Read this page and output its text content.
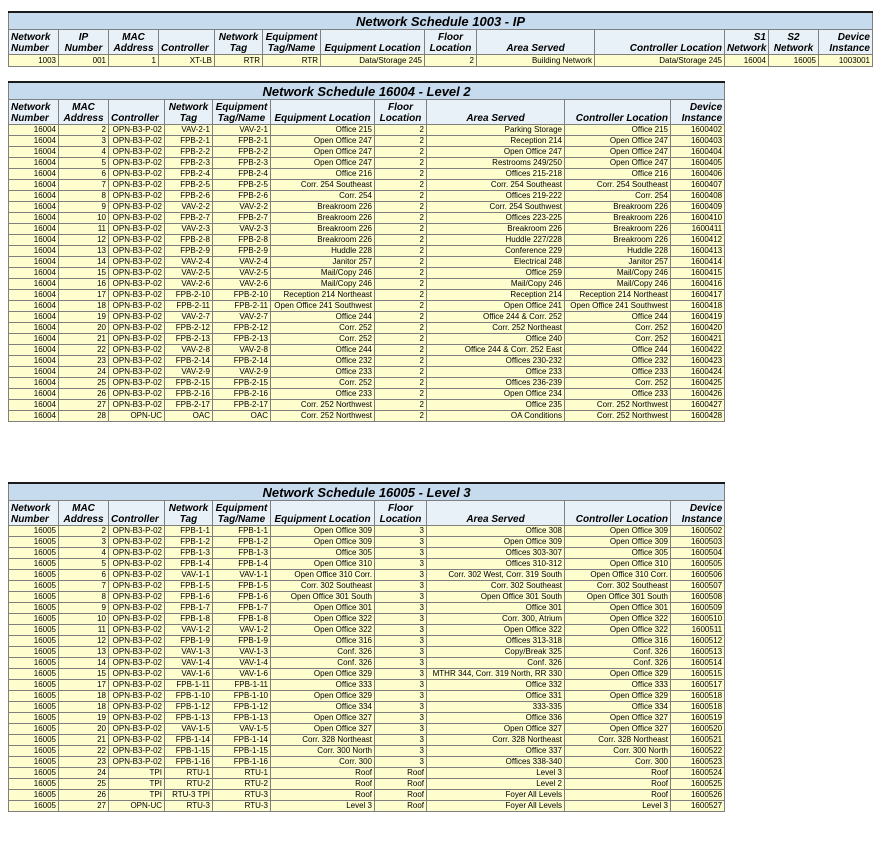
Network Schedule 1003 - IP												
Network Number	IP Number	MAC Address	Controller	Network Tag	Equipment Tag/Name	Equipment Location	Floor Location	Area Served	Controller Location	S1 Network	S2 Network	Device Instance
1003	001	1	XT-LB	RTR	RTR	Data/Storage 245	2	Building Network	Data/Storage 245	16004	16005	1003001
Network Schedule 16004 - Level 2									
Network Number	MAC Address	Controller	Network Tag	Equipment Tag/Name	Equipment Location	Floor Location	Area Served	Controller Location	Device Instance
16004	2	OPN-B3-P-02	VAV-2-1	VAV-2-1	Office 215	2	Parking Storage	Office 215	1600402
16004	3	OPN-B3-P-02	FPB-2-1	FPB-2-1	Open Office 247	2	Reception 214	Open Office 247	1600403
16004	4	OPN-B3-P-02	FPB-2-2	FPB-2-2	Open Office 247	2	Open Office 247	Open Office 247	1600404
16004	5	OPN-B3-P-02	FPB-2-3	FPB-2-3	Open Office 247	2	Restrooms 249/250	Open Office 247	1600405
16004	6	OPN-B3-P-02	FPB-2-4	FPB-2-4	Office 216	2	Offices 215-218	Office 216	1600406
16004	7	OPN-B3-P-02	FPB-2-5	FPB-2-5	Corr. 254 Southeast	2	Corr. 254 Southeast	Corr. 254 Southeast	1600407
16004	8	OPN-B3-P-02	FPB-2-6	FPB-2-6	Corr. 254	2	Offices 219-222	Corr. 254	1600408
16004	9	OPN-B3-P-02	VAV-2-2	VAV-2-2	Breakroom 226	2	Corr. 254 Southwest	Breakroom 226	1600409
16004	10	OPN-B3-P-02	FPB-2-7	FPB-2-7	Breakroom 226	2	Offices 223-225	Breakroom 226	1600410
16004	11	OPN-B3-P-02	VAV-2-3	VAV-2-3	Breakroom 226	2	Breakroom 226	Breakroom 226	1600411
16004	12	OPN-B3-P-02	FPB-2-8	FPB-2-8	Breakroom 226	2	Huddle 227/228	Breakroom 226	1600412
16004	13	OPN-B3-P-02	FPB-2-9	FPB-2-9	Huddle 228	2	Conference 229	Huddle 228	1600413
16004	14	OPN-B3-P-02	VAV-2-4	VAV-2-4	Janitor 257	2	Electrical 248	Janitor 257	1600414
16004	15	OPN-B3-P-02	VAV-2-5	VAV-2-5	Mail/Copy 246	2	Office 259	Mail/Copy 246	1600415
16004	16	OPN-B3-P-02	VAV-2-6	VAV-2-6	Mail/Copy 246	2	Mail/Copy 246	Mail/Copy 246	1600416
16004	17	OPN-B3-P-02	FPB-2-10	FPB-2-10	Reception 214 Northeast	2	Reception 214	Reception 214 Northeast	1600417
16004	18	OPN-B3-P-02	FPB-2-11	FPB-2-11	Open Office 241 Southwest	2	Open Office 241	Open Office 241 Southwest	1600418
16004	19	OPN-B3-P-02	VAV-2-7	VAV-2-7	Office 244	2	Office 244 & Corr. 252	Office 244	1600419
16004	20	OPN-B3-P-02	FPB-2-12	FPB-2-12	Corr. 252	2	Corr. 252 Northeast	Corr. 252	1600420
16004	21	OPN-B3-P-02	FPB-2-13	FPB-2-13	Corr. 252	2	Office 240	Corr. 252	1600421
16004	22	OPN-B3-P-02	VAV-2-8	VAV-2-8	Office 244	2	Office 244 & Corr. 252 East	Office 244	1600422
16004	23	OPN-B3-P-02	FPB-2-14	FPB-2-14	Office 232	2	Offices 230-232	Office 232	1600423
16004	24	OPN-B3-P-02	VAV-2-9	VAV-2-9	Office 233	2	Office 233	Office 233	1600424
16004	25	OPN-B3-P-02	FPB-2-15	FPB-2-15	Corr. 252	2	Offices 236-239	Corr. 252	1600425
16004	26	OPN-B3-P-02	FPB-2-16	FPB-2-16	Office 233	2	Open Office 234	Office 233	1600426
16004	27	OPN-B3-P-02	FPB-2-17	FPB-2-17	Corr. 252 Northwest	2	Office 235	Corr. 252 Northwest	1600427
16004	28	OPN-UC	OAC	OAC	Corr. 252 Northwest	2	OA Conditions	Corr. 252 Northwest	1600428
Network Schedule 16005 - Level 3									
Network Number	MAC Address	Controller	Network Tag	Equipment Tag/Name	Equipment Location	Floor Location	Area Served	Controller Location	Device Instance
16005	2	OPN-B3-P-02	FPB-1-1	FPB-1-1	Open Office 309	3	Office 308	Open Office 309	1600502
16005	3	OPN-B3-P-02	FPB-1-2	FPB-1-2	Open Office 309	3	Open Office 309	Open Office 309	1600503
16005	4	OPN-B3-P-02	FPB-1-3	FPB-1-3	Office 305	3	Offices 303-307	Office 305	1600504
16005	5	OPN-B3-P-02	FPB-1-4	FPB-1-4	Open Office 310	3	Offices 310-312	Open Office 310	1600505
16005	6	OPN-B3-P-02	VAV-1-1	VAV-1-1	Open Office 310 Corr.	3	Corr. 302 West, Corr. 319 South	Open Office 310 Corr.	1600506
16005	7	OPN-B3-P-02	FPB-1-5	FPB-1-5	Corr. 302 Southeast	3	Corr. 302 Southeast	Corr. 302 Southeast	1600507
16005	8	OPN-B3-P-02	FPB-1-6	FPB-1-6	Open Office 301 South	3	Open Office 301 South	Open Office 301 South	1600508
16005	9	OPN-B3-P-02	FPB-1-7	FPB-1-7	Open Office 301	3	Office 301	Open Office 301	1600509
16005	10	OPN-B3-P-02	FPB-1-8	FPB-1-8	Open Office 322	3	Corr. 300, Atrium	Open Office 322	1600510
16005	11	OPN-B3-P-02	VAV-1-2	VAV-1-2	Open Office 322	3	Open Office 322	Open Office 322	1600511
16005	12	OPN-B3-P-02	FPB-1-9	FPB-1-9	Office 316	3	Offices 313-318	Office 316	1600512
16005	13	OPN-B3-P-02	VAV-1-3	VAV-1-3	Conf. 326	3	Copy/Break 325	Conf. 326	1600513
16005	14	OPN-B3-P-02	VAV-1-4	VAV-1-4	Conf. 326	3	Conf. 326	Conf. 326	1600514
16005	15	OPN-B3-P-02	VAV-1-6	VAV-1-6	Open Office 329	3	MTHR 344, Corr. 319 North, RR 330	Open Office 329	1600515
16005	17	OPN-B3-P-02	FPB-1-11	FPB-1-11	Office 333	3	Office 332	Office 333	1600517
16005	18	OPN-B3-P-02	FPB-1-10	FPB-1-10	Open Office 329	3	Office 331	Open Office 329	1600518
16005	18	OPN-B3-P-02	FPB-1-12	FPB-1-12	Office 334	3	333-335	Office 334	1600518
16005	19	OPN-B3-P-02	FPB-1-13	FPB-1-13	Open Office 327	3	Office 336	Open Office 327	1600519
16005	20	OPN-B3-P-02	VAV-1-5	VAV-1-5	Open Office 327	3	Open Office 327	Open Office 327	1600520
16005	21	OPN-B3-P-02	FPB-1-14	FPB-1-14	Corr. 328 Northeast	3	Corr. 328 Northeast	Corr. 328 Northeast	1600521
16005	22	OPN-B3-P-02	FPB-1-15	FPB-1-15	Corr. 300 North	3	Office 337	Corr. 300 North	1600522
16005	23	OPN-B3-P-02	FPB-1-16	FPB-1-16	Corr. 300	3	Offices 338-340	Corr. 300	1600523
16005	24	TPI	RTU-1	RTU-1	Roof	Roof	Level 3	Roof	1600524
16005	25	TPI	RTU-2	RTU-2	Roof	Roof	Level 2	Roof	1600525
16005	26	TPI	RTU-3 TPI	RTU-3	Roof	Roof	Foyer All Levels	Roof	1600526
16005	27	OPN-UC	RTU-3	RTU-3	Level 3	Roof	Foyer All Levels	Level 3	1600527
